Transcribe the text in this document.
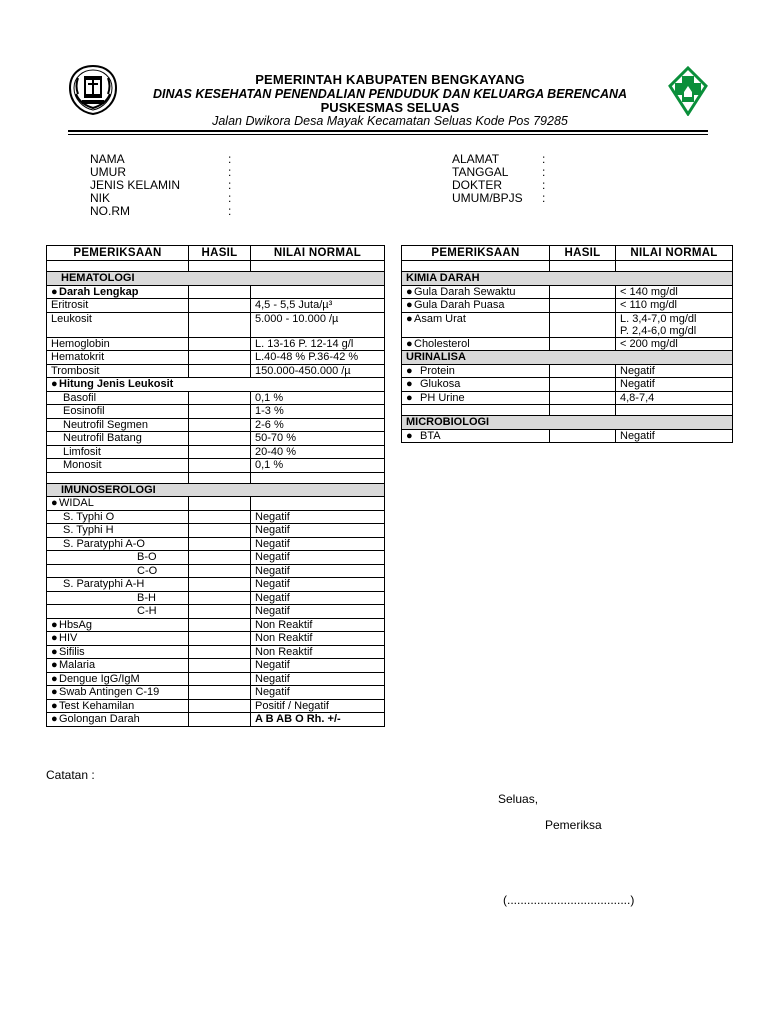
PEMERINTAH KABUPATEN BENGKAYANG
DINAS KESEHATAN PENENDALIAN PENDUDUK DAN KELUARGA BERENCANA
PUSKESMAS SELUAS
Jalan Dwikora Desa Mayak Kecamatan Seluas Kode Pos 79285
NAMA	:
UMUR	:
JENIS KELAMIN	:
NIK	:
NO.RM	:
ALAMAT	:
TANGGAL	:
DOKTER	:
UMUM/BPJS :
PEMERIKSAAN	HASIL	NILAI NORMAL

HEMATOLOGI		
●Darah Lengkap		
Eritrosit		4,5 - 5,5 Juta/µ³
Leukosit		5.000 - 10.000 /µ
Hemoglobin		L. 13-16 P. 12-14 g/l
Hematokrit		L.40-48 % P.36-42 %
Trombosit		150.000-450.000 /µ
●Hitung Jenis Leukosit		
Basofil		0,1 %
Eosinofil		1-3 %
Neutrofil Segmen		2-6 %
Neutrofil Batang		50-70 %
Limfosit		20-40 %
Monosit		0,1 %

IMUNOSEROLOGI		
●WIDAL		
S. Typhi O		Negatif
S. Typhi H		Negatif
S. Paratyphi A-O		Negatif
B-O		Negatif
C-O		Negatif
S. Paratyphi A-H		Negatif
B-H		Negatif
C-H		Negatif
●HbsAg		Non Reaktif
●HIV		Non Reaktif
●Sifilis		Non Reaktif
●Malaria		Negatif
●Dengue IgG/IgM		Negatif
●Swab Antingen C-19		Negatif
●Test Kehamilan		Positif / Negatif
●Golongan Darah		A B AB O Rh. +/-
PEMERIKSAAN	HASIL	NILAI NORMAL

KIMIA DARAH		
●Gula Darah Sewaktu		< 140 mg/dl
●Gula Darah Puasa		< 110 mg/dl
●Asam Urat		L. 3,4-7,0 mg/dl
P. 2,4-6,0 mg/dl

●Cholesterol		< 200 mg/dl
URINALISA		
● Protein		Negatif
● Glukosa		Negatif
● PH Urine		4,8-7,4

MICROBIOLOGI		
● BTA		Negatif
Catatan :
Seluas,
Pemeriksa
(.....................................)
